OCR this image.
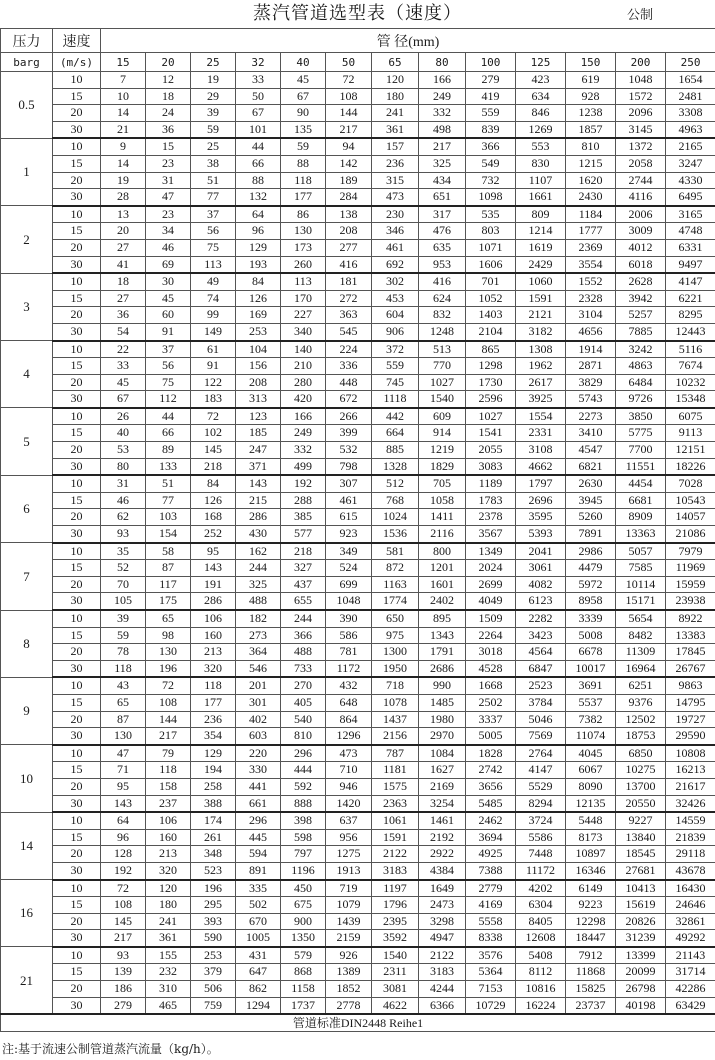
蒸汽管道选型表（速度）	公制
压力	速度	管 径(mm)												
barg	(m/s)	15	20	25	32	40	50	65	80	100	125	150	200	250
0.5	10	7	12	19	33	45	72	120	166	279	423	619	1048	1654
	15	10	18	29	50	67	108	180	249	419	634	928	1572	2481
	20	14	24	39	67	90	144	241	332	559	846	1238	2096	3308
	30	21	36	59	101	135	217	361	498	839	1269	1857	3145	4963
1	10	9	15	25	44	59	94	157	217	366	553	810	1372	2165
	15	14	23	38	66	88	142	236	325	549	830	1215	2058	3247
	20	19	31	51	88	118	189	315	434	732	1107	1620	2744	4330
	30	28	47	77	132	177	284	473	651	1098	1661	2430	4116	6495
2	10	13	23	37	64	86	138	230	317	535	809	1184	2006	3165
	15	20	34	56	96	130	208	346	476	803	1214	1777	3009	4748
	20	27	46	75	129	173	277	461	635	1071	1619	2369	4012	6331
	30	41	69	113	193	260	416	692	953	1606	2429	3554	6018	9497
3	10	18	30	49	84	113	181	302	416	701	1060	1552	2628	4147
	15	27	45	74	126	170	272	453	624	1052	1591	2328	3942	6221
	20	36	60	99	169	227	363	604	832	1403	2121	3104	5257	8295
	30	54	91	149	253	340	545	906	1248	2104	3182	4656	7885	12443
4	10	22	37	61	104	140	224	372	513	865	1308	1914	3242	5116
	15	33	56	91	156	210	336	559	770	1298	1962	2871	4863	7674
	20	45	75	122	208	280	448	745	1027	1730	2617	3829	6484	10232
	30	67	112	183	313	420	672	1118	1540	2596	3925	5743	9726	15348
5	10	26	44	72	123	166	266	442	609	1027	1554	2273	3850	6075
	15	40	66	102	185	249	399	664	914	1541	2331	3410	5775	9113
	20	53	89	145	247	332	532	885	1219	2055	3108	4547	7700	12151
	30	80	133	218	371	499	798	1328	1829	3083	4662	6821	11551	18226
6	10	31	51	84	143	192	307	512	705	1189	1797	2630	4454	7028
	15	46	77	126	215	288	461	768	1058	1783	2696	3945	6681	10543
	20	62	103	168	286	385	615	1024	1411	2378	3595	5260	8909	14057
	30	93	154	252	430	577	923	1536	2116	3567	5393	7891	13363	21086
7	10	35	58	95	162	218	349	581	800	1349	2041	2986	5057	7979
	15	52	87	143	244	327	524	872	1201	2024	3061	4479	7585	11969
	20	70	117	191	325	437	699	1163	1601	2699	4082	5972	10114	15959
	30	105	175	286	488	655	1048	1774	2402	4049	6123	8958	15171	23938
8	10	39	65	106	182	244	390	650	895	1509	2282	3339	5654	8922
	15	59	98	160	273	366	586	975	1343	2264	3423	5008	8482	13383
	20	78	130	213	364	488	781	1300	1791	3018	4564	6678	11309	17845
	30	118	196	320	546	733	1172	1950	2686	4528	6847	10017	16964	26767
9	10	43	72	118	201	270	432	718	990	1668	2523	3691	6251	9863
	15	65	108	177	301	405	648	1078	1485	2502	3784	5537	9376	14795
	20	87	144	236	402	540	864	1437	1980	3337	5046	7382	12502	19727
	30	130	217	354	603	810	1296	2156	2970	5005	7569	11074	18753	29590
10	10	47	79	129	220	296	473	787	1084	1828	2764	4045	6850	10808
	15	71	118	194	330	444	710	1181	1627	2742	4147	6067	10275	16213
	20	95	158	258	441	592	946	1575	2169	3656	5529	8090	13700	21617
	30	143	237	388	661	888	1420	2363	3254	5485	8294	12135	20550	32426
14	10	64	106	174	296	398	637	1061	1461	2462	3724	5448	9227	14559
	15	96	160	261	445	598	956	1591	2192	3694	5586	8173	13840	21839
	20	128	213	348	594	797	1275	2122	2922	4925	7448	10897	18545	29118
	30	192	320	523	891	1196	1913	3183	4384	7388	11172	16346	27681	43678
16	10	72	120	196	335	450	719	1197	1649	2779	4202	6149	10413	16430
	15	108	180	295	502	675	1079	1796	2473	4169	6304	9223	15619	24646
	20	145	241	393	670	900	1439	2395	3298	5558	8405	12298	20826	32861
	30	217	361	590	1005	1350	2159	3592	4947	8338	12608	18447	31239	49292
21	10	93	155	253	431	579	926	1540	2122	3576	5408	7912	13399	21143
	15	139	232	379	647	868	1389	2311	3183	5364	8112	11868	20099	31714
	20	186	310	506	862	1158	1852	3081	4244	7153	10816	15825	26798	42286
	30	279	465	759	1294	1737	2778	4622	6366	10729	16224	23737	40198	63429
管道标准DIN2448 Reihe1														
注:基于流速公制管道蒸汽流量（kg/h）。
